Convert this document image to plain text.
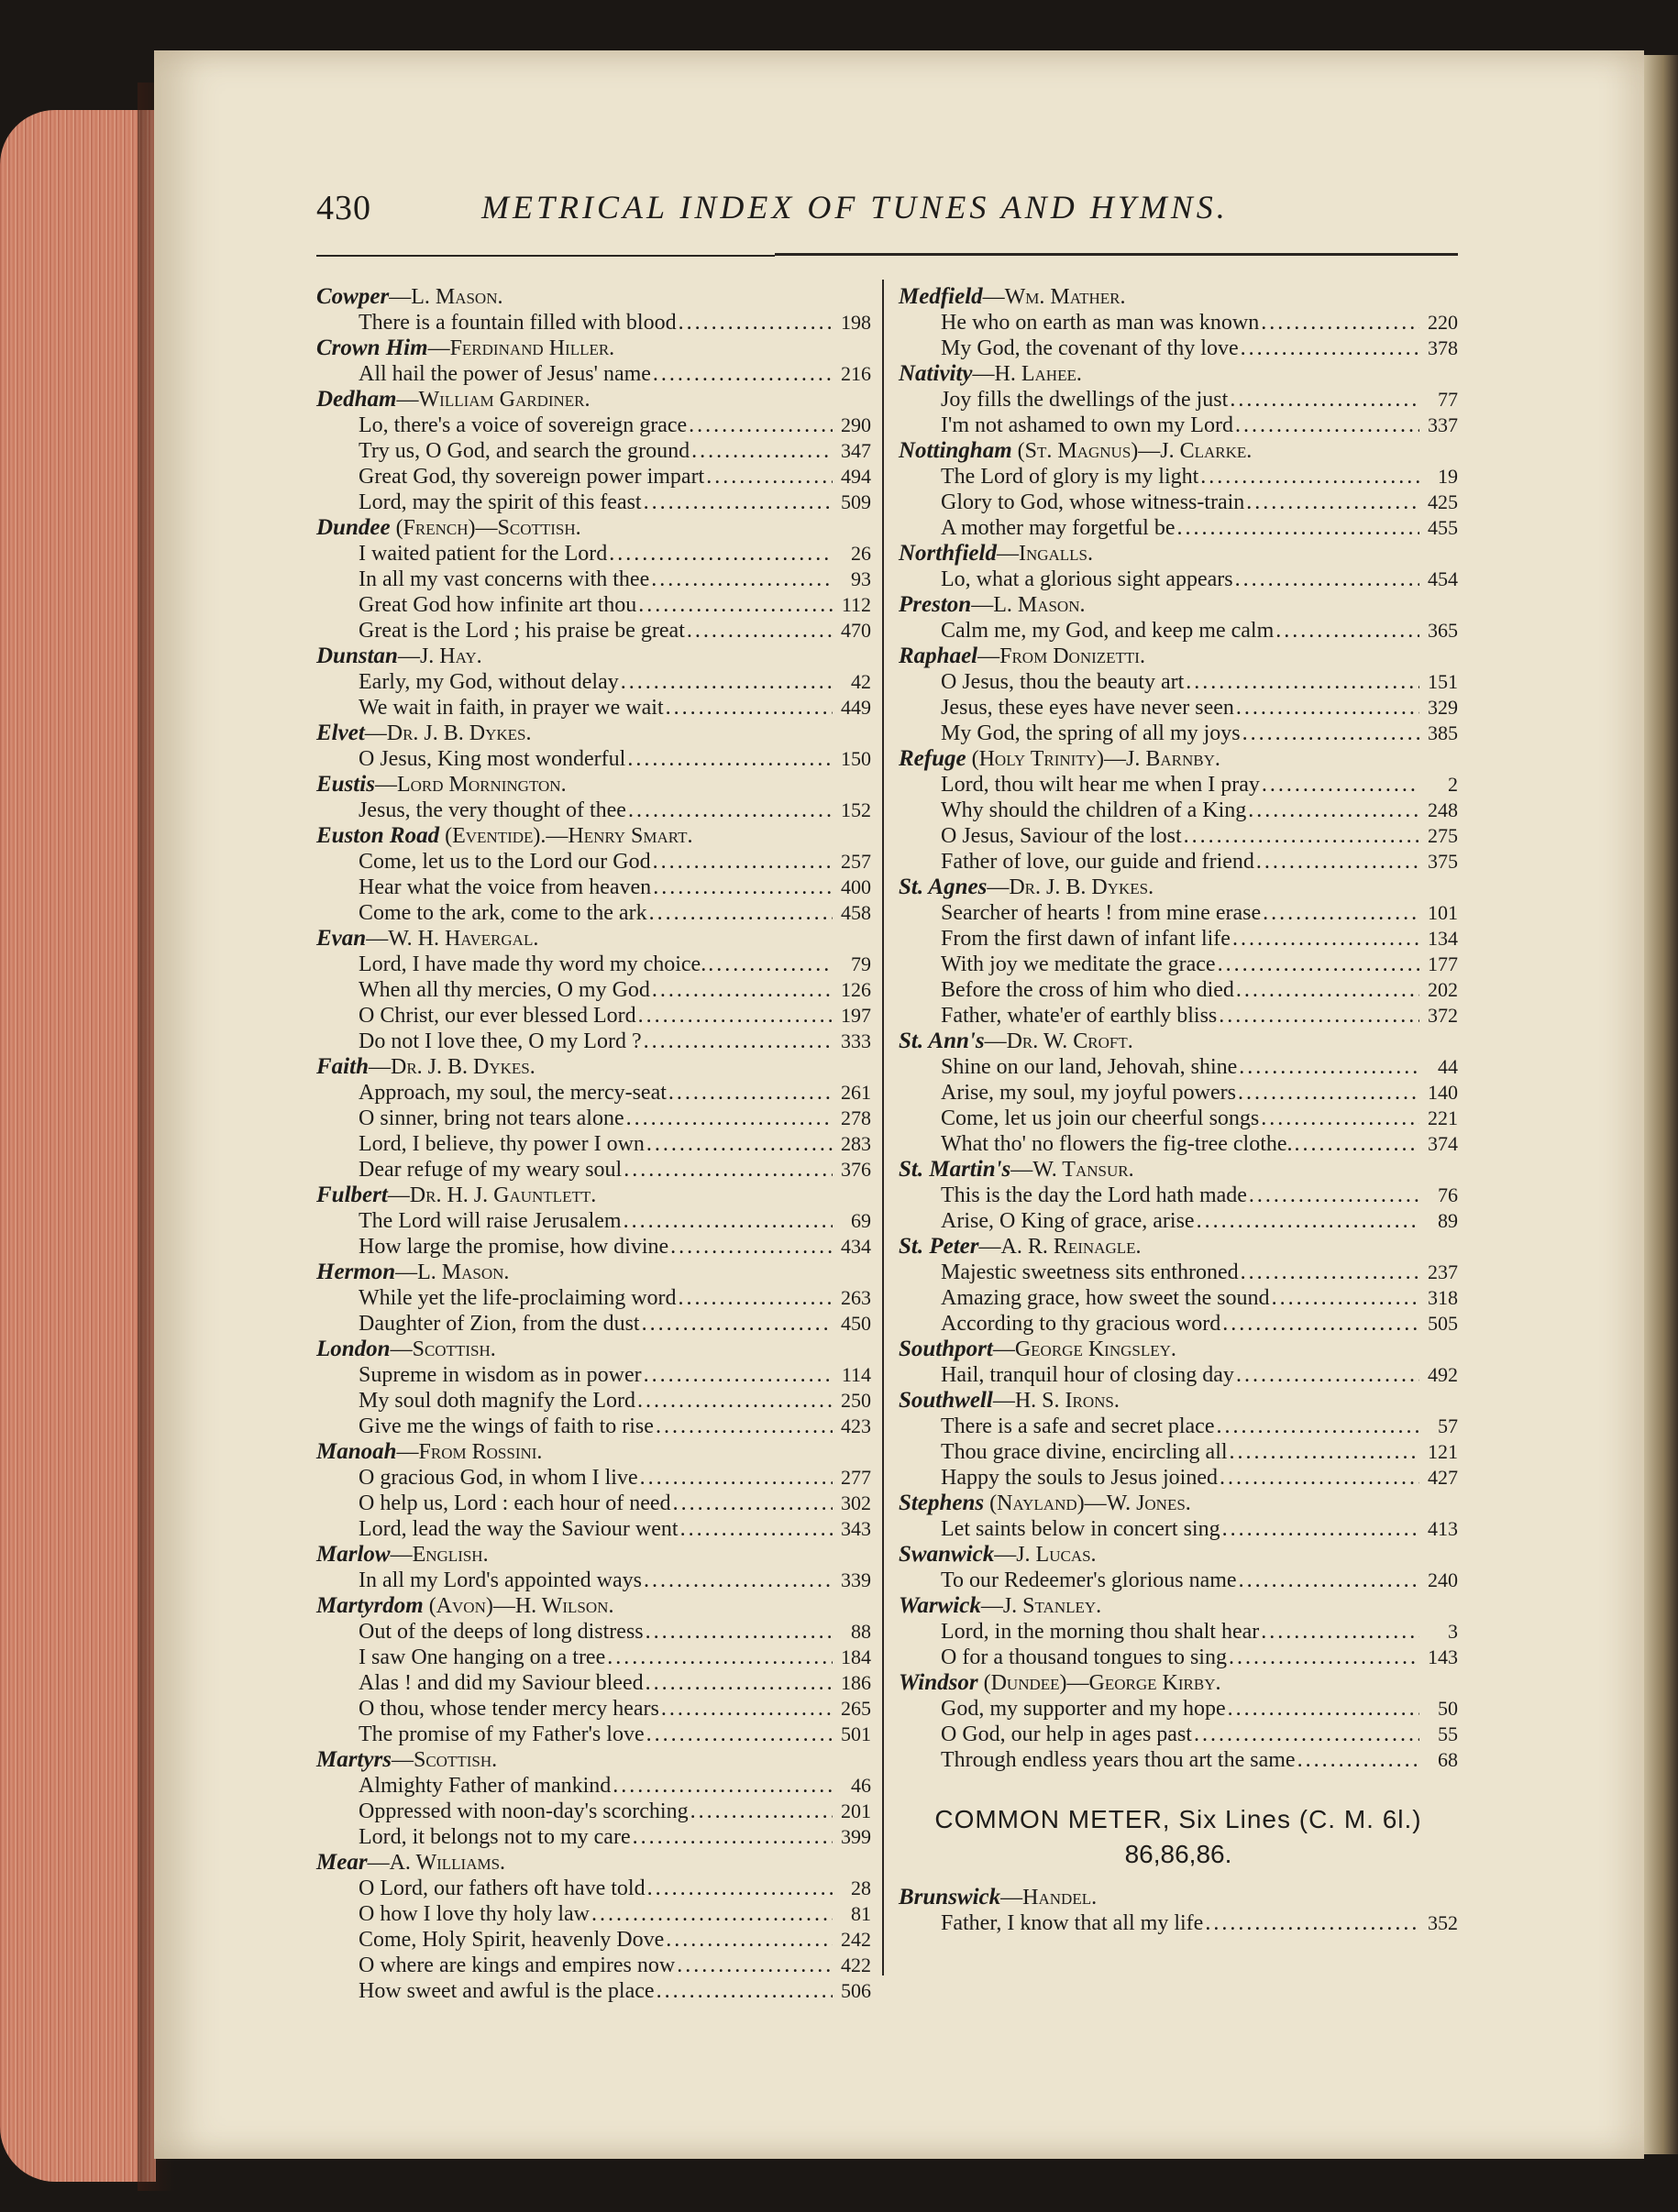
430	METRICAL INDEX OF TUNES AND HYMNS.
Cowper—L. Mason.
There is a fountain filled with blood .....	198
Crown Him—Ferdinand Hiller.
All hail the power of Jesus' name .....	216
Dedham—William Gardiner.
Lo, there's a voice of sovereign grace .....	290
Try us, O God, and search the ground .....	347
Great God, thy sovereign power impart .....	494
Lord, may the spirit of this feast .....	509
Dundee (French)—Scottish.
I waited patient for the Lord .....	26
In all my vast concerns with thee .....	93
Great God how infinite art thou .....	112
Great is the Lord ; his praise be great .....	470
Dunstan—J. Hay.
Early, my God, without delay .....	42
We wait in faith, in prayer we wait .....	449
Elvet—Dr. J. B. Dykes.
O Jesus, King most wonderful .....	150
Eustis—Lord Mornington.
Jesus, the very thought of thee .....	152
Euston Road (Eventide).—Henry Smart.
Come, let us to the Lord our God .....	257
Hear what the voice from heaven .....	400
Come to the ark, come to the ark .....	458
Evan—W. H. Havergal.
Lord, I have made thy word my choice. .....	79
When all thy mercies, O my God .....	126
O Christ, our ever blessed Lord .....	197
Do not I love thee, O my Lord ? .....	333
Faith—Dr. J. B. Dykes.
Approach, my soul, the mercy-seat .....	261
O sinner, bring not tears alone .....	278
Lord, I believe, thy power I own .....	283
Dear refuge of my weary soul .....	376
Fulbert—Dr. H. J. Gauntlett.
The Lord will raise Jerusalem .....	69
How large the promise, how divine .....	434
Hermon—L. Mason.
While yet the life-proclaiming word .....	263
Daughter of Zion, from the dust .....	450
London—Scottish.
Supreme in wisdom as in power .....	114
My soul doth magnify the Lord .....	250
Give me the wings of faith to rise .....	423
Manoah—From Rossini.
O gracious God, in whom I live .....	277
O help us, Lord : each hour of need .....	302
Lord, lead the way the Saviour went .....	343
Marlow—English.
In all my Lord's appointed ways .....	339
Martyrdom (Avon)—H. Wilson.
Out of the deeps of long distress .....	88
I saw One hanging on a tree .....	184
Alas ! and did my Saviour bleed .....	186
O thou, whose tender mercy hears .....	265
The promise of my Father's love .....	501
Martyrs—Scottish.
Almighty Father of mankind .....	46
Oppressed with noon-day's scorching .....	201
Lord, it belongs not to my care .....	399
Mear—A. Williams.
O Lord, our fathers oft have told .....	28
O how I love thy holy law .....	81
Come, Holy Spirit, heavenly Dove .....	242
O where are kings and empires now .....	422
How sweet and awful is the place .....	506
Medfield—Wm. Mather.
He who on earth as man was known .....	220
My God, the covenant of thy love .....	378
Nativity—H. Lahee.
Joy fills the dwellings of the just .....	77
I'm not ashamed to own my Lord .....	337
Nottingham (St. Magnus)—J. Clarke.
The Lord of glory is my light .....	19
Glory to God, whose witness-train .....	425
A mother may forgetful be .....	455
Northfield—Ingalls.
Lo, what a glorious sight appears .....	454
Preston—L. Mason.
Calm me, my God, and keep me calm .....	365
Raphael—From Donizetti.
O Jesus, thou the beauty art .....	151
Jesus, these eyes have never seen .....	329
My God, the spring of all my joys .....	385
Refuge (Holy Trinity)—J. Barnby.
Lord, thou wilt hear me when I pray .....	2
Why should the children of a King .....	248
O Jesus, Saviour of the lost .....	275
Father of love, our guide and friend .....	375
St. Agnes—Dr. J. B. Dykes.
Searcher of hearts ! from mine erase .....	101
From the first dawn of infant life .....	134
With joy we meditate the grace .....	177
Before the cross of him who died .....	202
Father, whate'er of earthly bliss .....	372
St. Ann's—Dr. W. Croft.
Shine on our land, Jehovah, shine .....	44
Arise, my soul, my joyful powers .....	140
Come, let us join our cheerful songs .....	221
What tho' no flowers the fig-tree clothe. .....	374
St. Martin's—W. Tansur.
This is the day the Lord hath made .....	76
Arise, O King of grace, arise .....	89
St. Peter—A. R. Reinagle.
Majestic sweetness sits enthroned .....	237
Amazing grace, how sweet the sound .....	318
According to thy gracious word .....	505
Southport—George Kingsley.
Hail, tranquil hour of closing day .....	492
Southwell—H. S. Irons.
There is a safe and secret place .....	57
Thou grace divine, encircling all .....	121
Happy the souls to Jesus joined .....	427
Stephens (Nayland)—W. Jones.
Let saints below in concert sing .....	413
Swanwick—J. Lucas.
To our Redeemer's glorious name .....	240
Warwick—J. Stanley.
Lord, in the morning thou shalt hear .....	3
O for a thousand tongues to sing .....	143
Windsor (Dundee)—George Kirby.
God, my supporter and my hope .....	50
O God, our help in ages past .....	55
Through endless years thou art the same .....	68
COMMON METER, Six Lines (C. M. 6l.)
86,86,86.
Brunswick—Handel.
Father, I know that all my life .....	352
